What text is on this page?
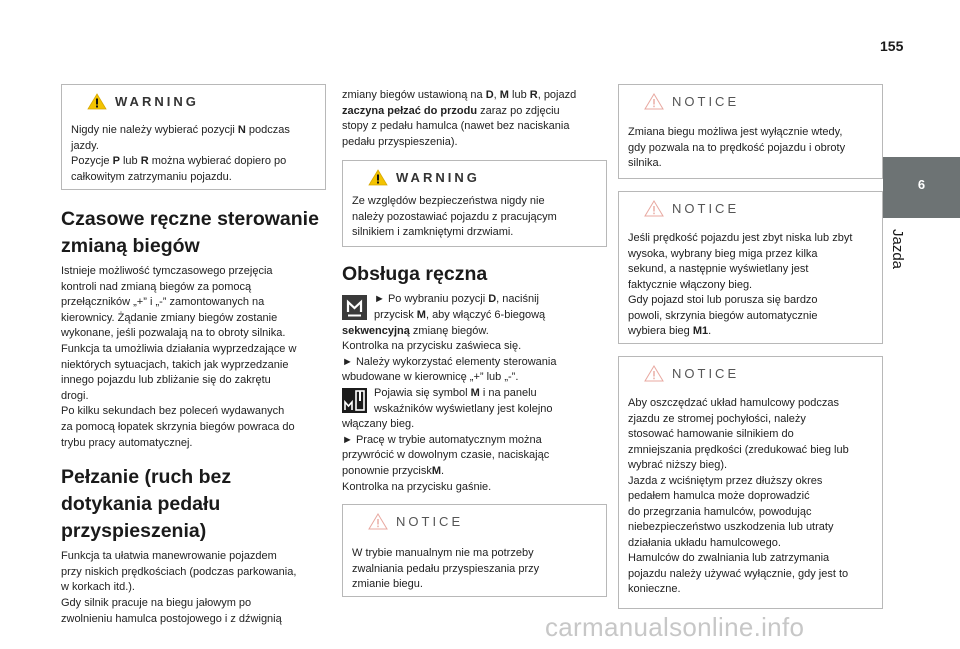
155
6
Jazda
WARNING

Nigdy nie należy wybierać pozycji N podczas
jazdy.
Pozycje P lub R można wybierać dopiero po
całkowitym zatrzymaniu pojazdu.

Czasowe ręczne sterowanie
zmianą biegów
Istnieje możliwość tymczasowego przejęcia
kontroli nad zmianą biegów za pomocą
przełączników „+” i „-” zamontowanych na
kierownicy. Żądanie zmiany biegów zostanie
wykonane, jeśli pozwalają na to obroty silnika.
Funkcja ta umożliwia działania wyprzedzające w
niektórych sytuacjach, takich jak wyprzedzanie
innego pojazdu lub zbliżanie się do zakrętu
drogi.
Po kilku sekundach bez poleceń wydawanych
za pomocą łopatek skrzynia biegów powraca do
trybu pracy automatycznej.
Pełzanie (ruch bez
dotykania pedału
przyspieszenia)
Funkcja ta ułatwia manewrowanie pojazdem
przy niskich prędkościach (podczas parkowania,
w korkach itd.).
Gdy silnik pracuje na biegu jałowym po
zwolnieniu hamulca postojowego i z dźwignią
zmiany biegów ustawioną na D, M lub R, pojazd
zaczyna pełzać do przodu zaraz po zdjęciu
stopy z pedału hamulca (nawet bez naciskania
pedału przyspieszenia).
WARNING

Ze względów bezpieczeństwa nigdy nie
należy pozostawiać pojazdu z pracującym
silnikiem i zamkniętymi drzwiami.

Obsługa ręczna
► Po wybraniu pozycji D, naciśnij
przycisk M, aby włączyć 6-biegową
sekwencyjną zmianę biegów.
Kontrolka na przycisku zaświeca się.
► Należy wykorzystać elementy sterowania
wbudowane w kierownicę „+” lub „-”.

Pojawia się symbol M i na panelu
wskaźników wyświetlany jest kolejno
włączany bieg.
► Pracę w trybie automatycznym można
przywrócić w dowolnym czasie, naciskając
ponownie przyciskM.
Kontrolka na przycisku gaśnie.
NOTICE

W trybie manualnym nie ma potrzeby
zwalniania pedału przyspieszania przy
zmianie biegu.

NOTICE

Zmiana biegu możliwa jest wyłącznie wtedy,
gdy pozwala na to prędkość pojazdu i obroty
silnika.

NOTICE

Jeśli prędkość pojazdu jest zbyt niska lub zbyt
wysoka, wybrany bieg miga przez kilka
sekund, a następnie wyświetlany jest
faktycznie włączony bieg.
Gdy pojazd stoi lub porusza się bardzo
powoli, skrzynia biegów automatycznie
wybiera bieg M1.

NOTICE

Aby oszczędzać układ hamulcowy podczas
zjazdu ze stromej pochyłości, należy
stosować hamowanie silnikiem do
zmniejszania prędkości (zredukować bieg lub
wybrać niższy bieg).
Jazda z wciśniętym przez dłuższy okres
pedałem hamulca może doprowadzić
do przegrzania hamulców, powodując
niebezpieczeństwo uszkodzenia lub utraty
działania układu hamulcowego.
Hamulców do zwalniania lub zatrzymania
pojazdu należy używać wyłącznie, gdy jest to
konieczne.

carmanualsonline.info
